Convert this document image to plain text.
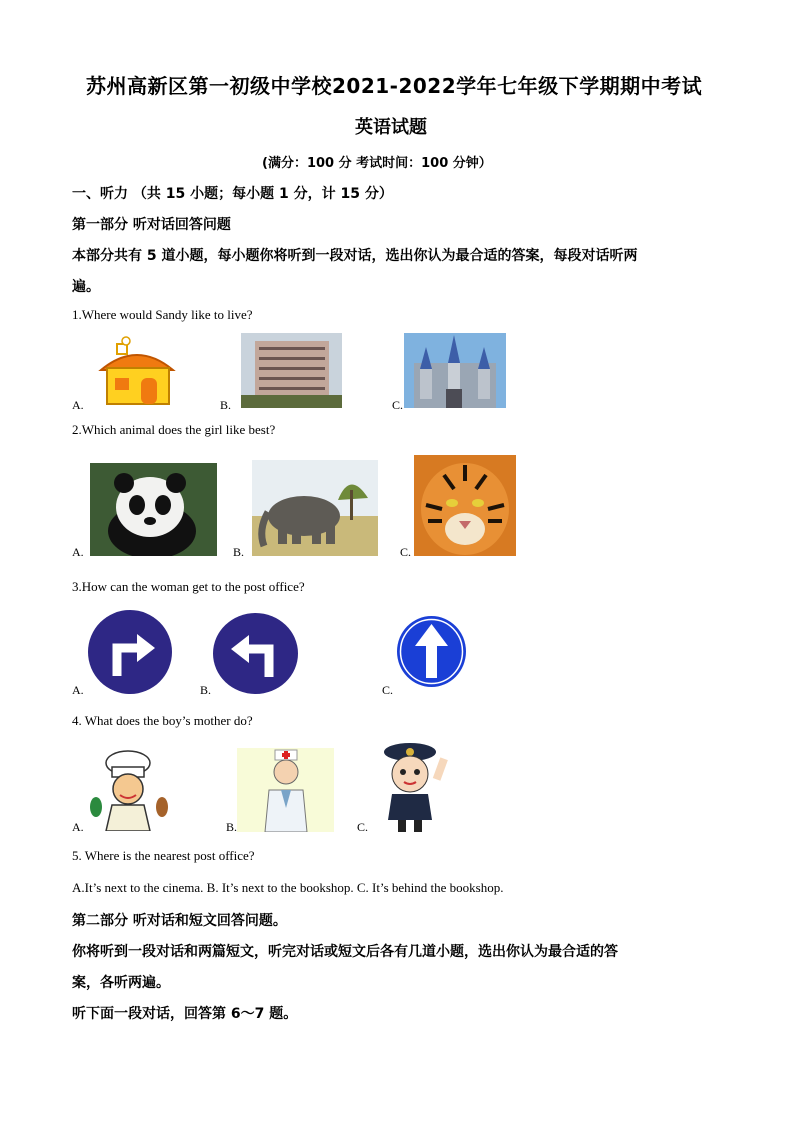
苏州高新区第一初级中学校2021-2022学年七年级下学期期中考试
英语试题
(满分：100 分 考试时间：100 分钟）
一、听力 （共 15 小题；每小题 1 分，计 15 分）
第一部分 听对话回答问题
本部分共有 5 道小题，每小题你将听到一段对话，选出你认为最合适的答案，每段对话听两
遍。
1.Where would Sandy like to live?
A.	B.	C.
2.Which animal does the girl like best?
A.	B.	C.
3.How can the woman get to the post office?
A.	B.	C.
4. What does the boy’s mother do?
A.	B.	C.
5. Where is the nearest post office?
A.It’s next to the cinema. B. It’s next to the bookshop. C. It’s behind the bookshop.
第二部分 听对话和短文回答问题。
你将听到一段对话和两篇短文，听完对话或短文后各有几道小题，选出你认为最合适的答
案，各听两遍。
听下面一段对话，回答第 6～7 题。
